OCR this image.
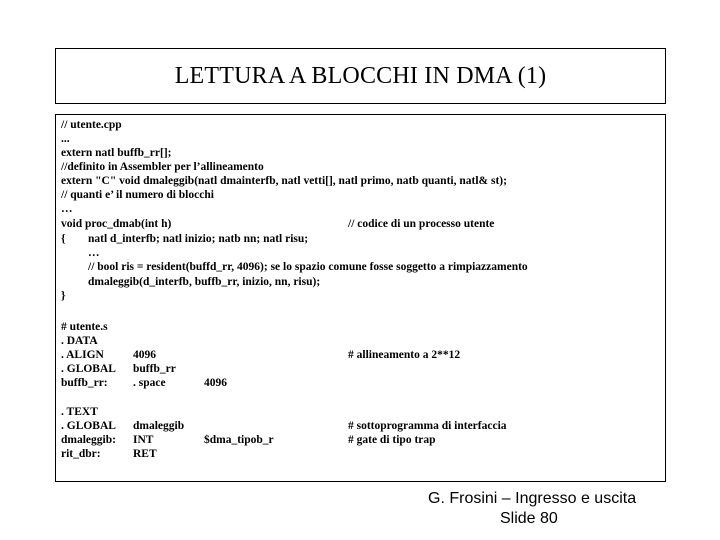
LETTURA A BLOCCHI IN DMA (1)
// utente.cpp
...
extern natl buffb_rr[];
//definito in Assembler per l’allineamento
extern "C" void dmaleggib(natl dmainterfb, natl vetti[], natl primo, natb quanti, natl& st);
// quanti e’ il numero di blocchi
…
void proc_dmab(int h)	// codice di un processo utente
{ natl d_interfb; natl inizio; natb nn; natl risu;
…
// bool ris = resident(buffd_rr, 4096); se lo spazio comune fosse soggetto a rimpiazzamento
dmaleggib(d_interfb, buffb_rr, inizio, nn, risu);
}
# utente.s
. DATA
. ALIGN	4096	# allineamento a 2**12
. GLOBAL buffb_rr
buffb_rr: . space	4096
. TEXT
. GLOBAL dmaleggib	# sottoprogramma di interfaccia
dmaleggib: INT	$dma_tipob_r	# gate di tipo trap
rit_dbr:	RET
G. Frosini – Ingresso e uscita
Slide 80
